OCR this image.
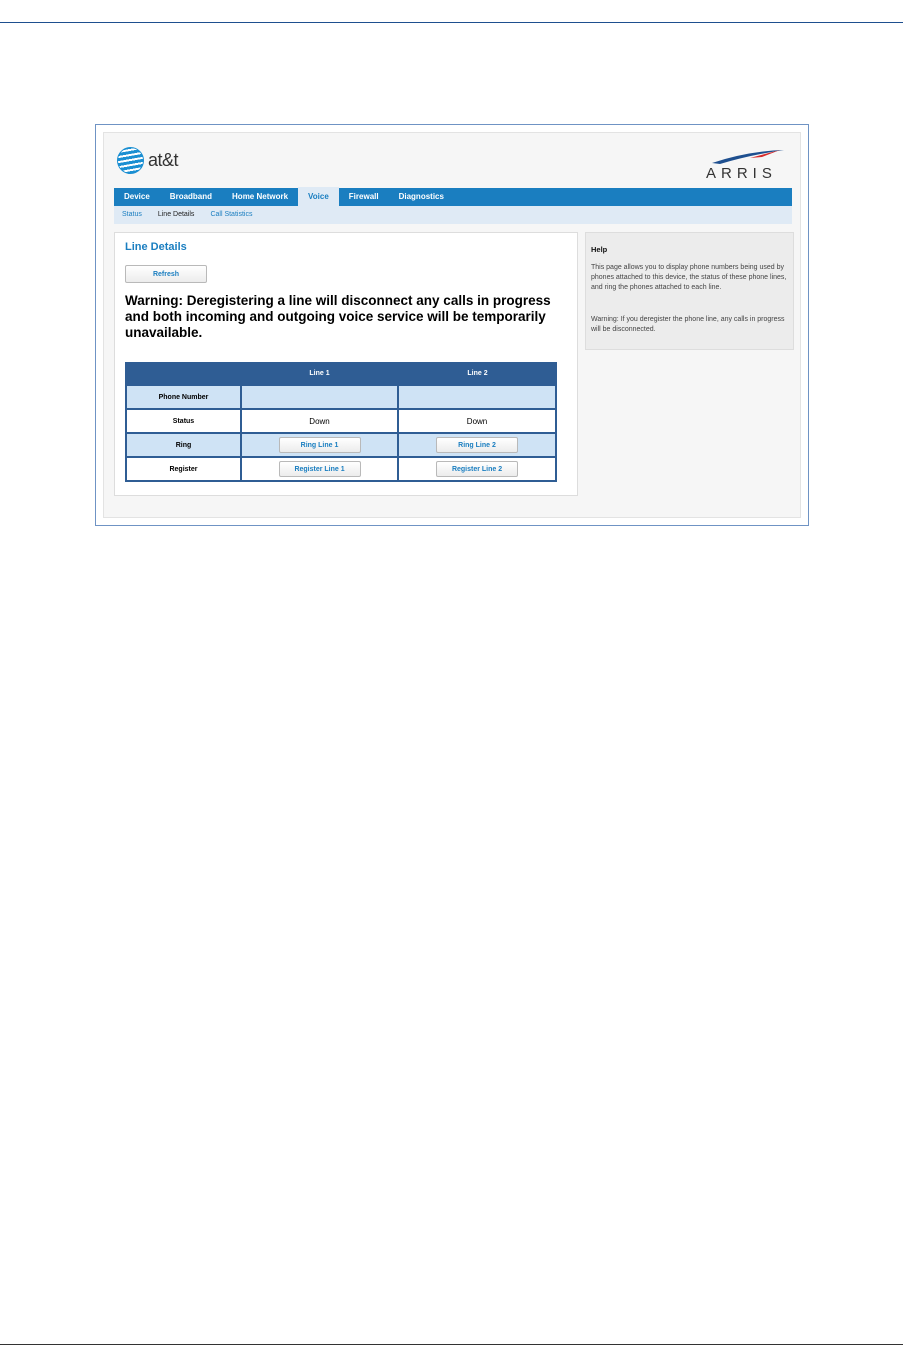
at&t
ARRIS
Device	Broadband	Home Network	Voice	Firewall	Diagnostics
Status	Line Details	Call Statistics
Line Details
Refresh
Warning: Deregistering a line will disconnect any calls in progress and both incoming and outgoing voice service will be temporarily unavailable.
	Line 1	Line 2
Phone Number		
Status	Down	Down
Ring	Ring Line 1	Ring Line 2
Register	Register Line 1	Register Line 2
Help
This page allows you to display phone numbers being used by phones attached to this device, the status of these phone lines, and ring the phones attached to each line.
Warning: If you deregister the phone line, any calls in progress will be disconnected.
